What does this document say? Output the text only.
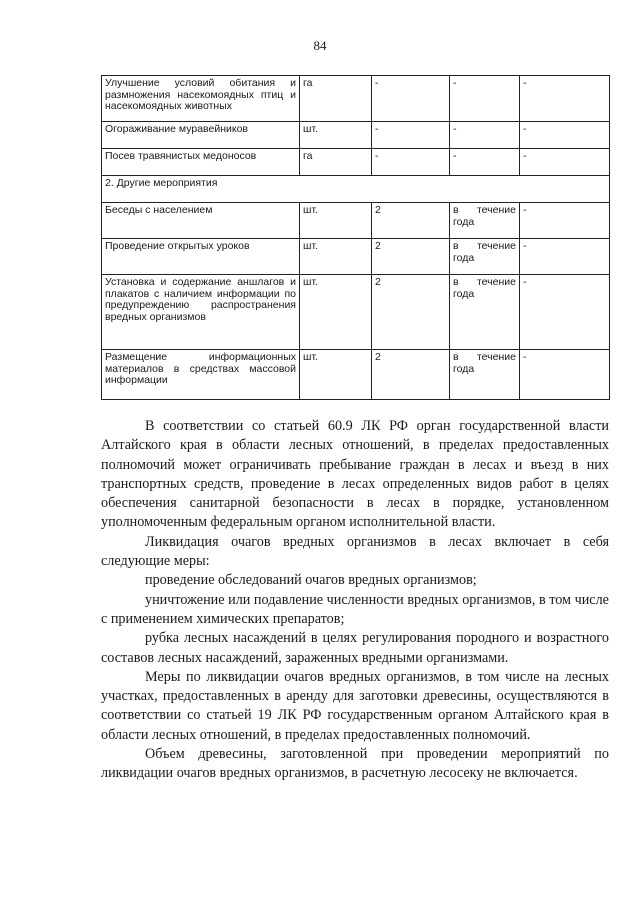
84
Улучшение условий обитания и размножения насекомоядных птиц и насекомоядных животных	га	-	-	-
Огораживание муравейников	шт.	-	-	-
Посев травянистых медоносов	га	-	-	-
2. Другие мероприятия				
Беседы с населением	шт.	2	в течение года	-
Проведение открытых уроков	шт.	2	в течение года	-
Установка и содержание аншлагов и плакатов с наличием информации по предупреждению распространения вредных организмов	шт.	2	в течение года	-
Размещение информационных материалов в средствах массовой информации	шт.	2	в течение года	-

В соответствии со статьей 60.9 ЛК РФ орган государственной власти Алтайского края в области лесных отношений, в пределах предоставленных полномочий может ограничивать пребывание граждан в лесах и въезд в них транспортных средств, проведение в лесах определенных видов работ в целях обеспечения санитарной безопасности в лесах в порядке, установленном уполномоченным федеральным органом исполнительной власти.

Ликвидация очагов вредных организмов в лесах включает в себя следующие меры:

проведение обследований очагов вредных организмов;

уничтожение или подавление численности вредных организмов, в том числе с применением химических препаратов;

рубка лесных насаждений в целях регулирования породного и возрастного составов лесных насаждений, зараженных вредными организмами.

Меры по ликвидации очагов вредных организмов, в том числе на лесных участках, предоставленных в аренду для заготовки древесины, осуществляются в соответствии со статьей 19 ЛК РФ государственным органом Алтайского края в области лесных отношений, в пределах предоставленных полномочий.

Объем древесины, заготовленной при проведении мероприятий по ликвидации очагов вредных организмов, в расчетную лесосеку не включается.
